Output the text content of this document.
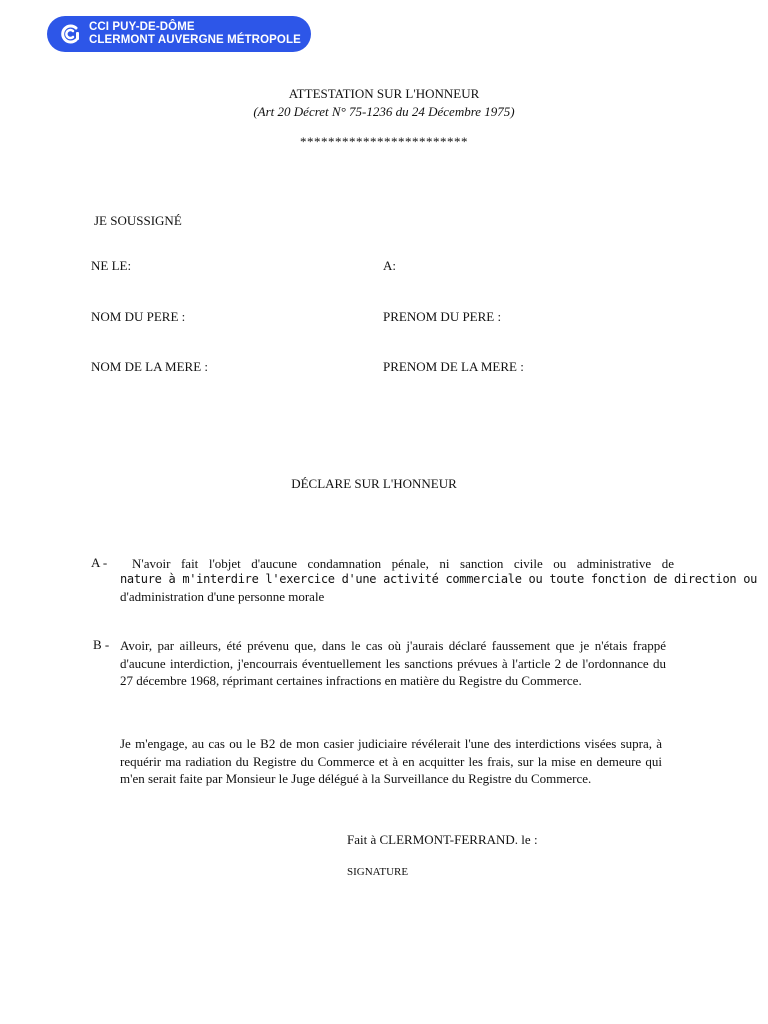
CCI PUY-DE-DÔME
CLERMONT AUVERGNE MÉTROPOLE
ATTESTATION SUR L'HONNEUR
(Art 20 Décret N° 75-1236 du 24 Décembre 1975)
************************
JE SOUSSIGNÉ
NE LE:	A:
NOM DU PERE :	PRENOM DU PERE :
NOM DE LA MERE :	PRENOM DE LA MERE :
DÉCLARE SUR L'HONNEUR
A - N'avoir fait l'objet d'aucune condamnation pénale, ni sanction civile ou administrative de
nature à m'interdire l'exercice d'une activité commerciale ou toute fonction de direction ou
d'administration d'une personne morale
B - Avoir, par ailleurs, été prévenu que, dans le cas où j'aurais déclaré faussement que je n'étais frappé d'aucune interdiction, j'encourrais éventuellement les sanctions prévues à l'article 2 de l'ordonnance du 27 décembre 1968, réprimant certaines infractions en matière du Registre du Commerce.
Je m'engage, au cas ou le B2 de mon casier judiciaire révélerait l'une des interdictions visées supra, à requérir ma radiation du Registre du Commerce et à en acquitter les frais, sur la mise en demeure qui m'en serait faite par Monsieur le Juge délégué à la Surveillance du Registre du Commerce.
Fait à CLERMONT-FERRAND. le :
SIGNATURE
